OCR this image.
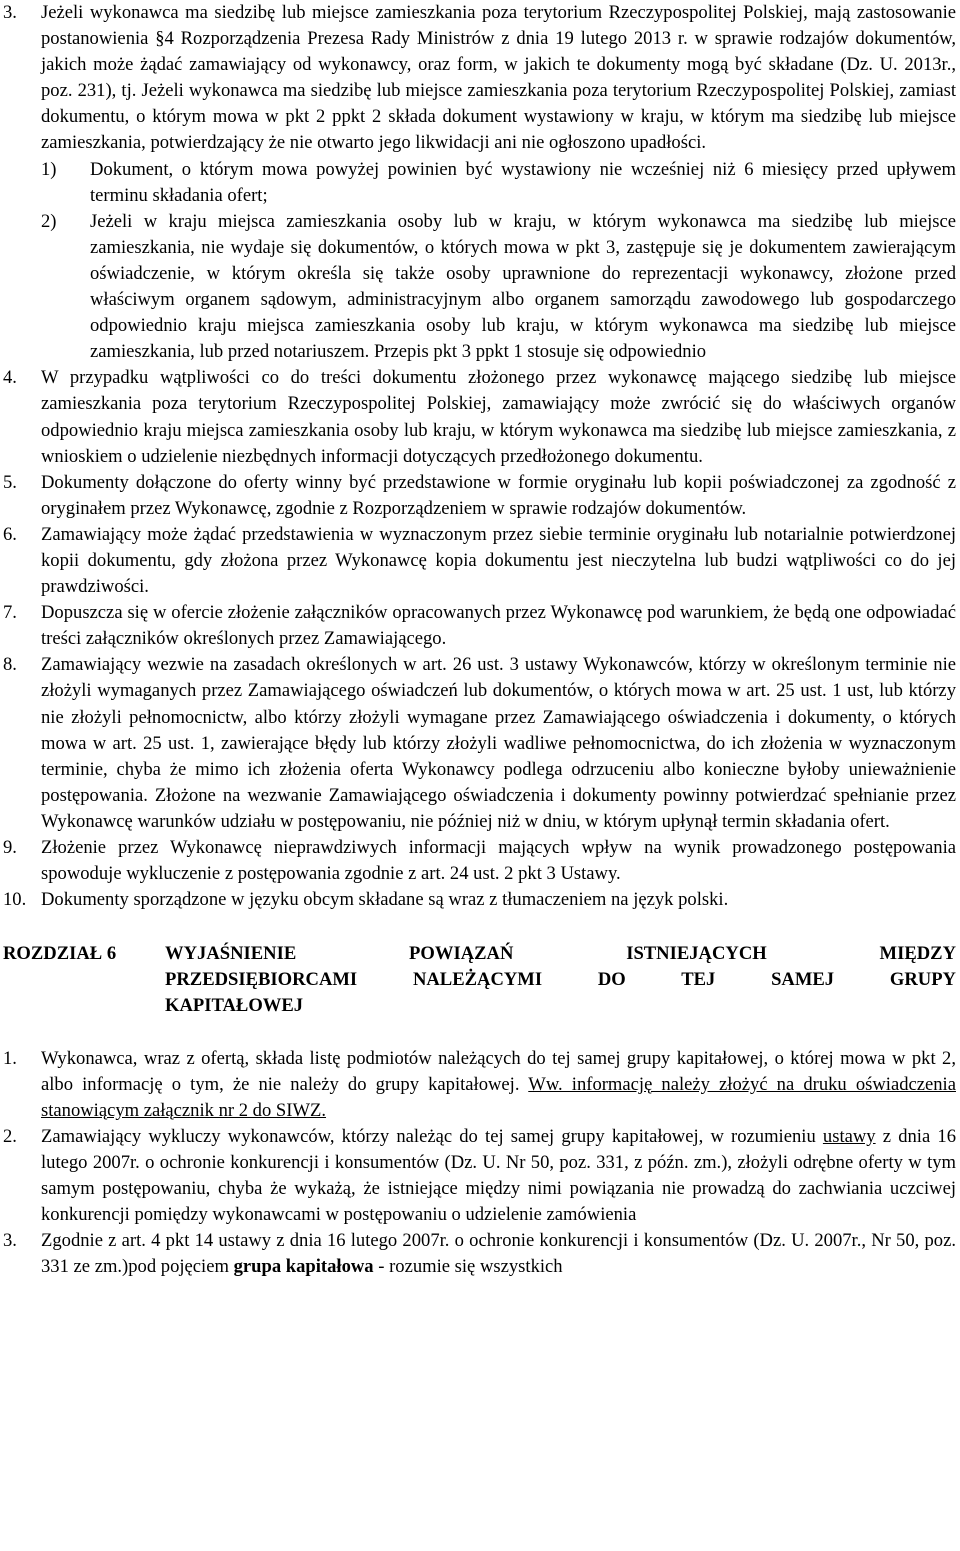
3.	Jeżeli wykonawca ma siedzibę lub miejsce zamieszkania poza terytorium Rzeczypospolitej Polskiej, mają zastosowanie postanowienia §4 Rozporządzenia Prezesa Rady Ministrów z dnia 19 lutego 2013 r. w sprawie rodzajów dokumentów, jakich może żądać zamawiający od wykonawcy, oraz form, w jakich te dokumenty mogą być składane (Dz. U. 2013r., poz. 231), tj. Jeżeli wykonawca ma siedzibę lub miejsce zamieszkania poza terytorium Rzeczypospolitej Polskiej, zamiast dokumentu, o którym mowa w pkt 2 ppkt 2 składa dokument wystawiony w kraju, w którym ma siedzibę lub miejsce zamieszkania, potwierdzający że nie otwarto jego likwidacji ani nie ogłoszono upadłości.
1)	Dokument, o którym mowa powyżej powinien być wystawiony nie wcześniej niż 6 miesięcy przed upływem terminu składania ofert;
2)	Jeżeli w kraju miejsca zamieszkania osoby lub w kraju, w którym wykonawca ma siedzibę lub miejsce zamieszkania, nie wydaje się dokumentów, o których mowa w pkt 3, zastępuje się je dokumentem zawierającym oświadczenie, w którym określa się także osoby uprawnione do reprezentacji wykonawcy, złożone przed właściwym organem sądowym, administracyjnym albo organem samorządu zawodowego lub gospodarczego odpowiednio kraju miejsca zamieszkania osoby lub kraju, w którym wykonawca ma siedzibę lub miejsce zamieszkania, lub przed notariuszem. Przepis pkt 3 ppkt 1 stosuje się odpowiednio
4.	W przypadku wątpliwości co do treści dokumentu złożonego przez wykonawcę mającego siedzibę lub miejsce zamieszkania poza terytorium Rzeczypospolitej Polskiej, zamawiający może zwrócić się do właściwych organów odpowiednio kraju miejsca zamieszkania osoby lub kraju, w którym wykonawca ma siedzibę lub miejsce zamieszkania, z wnioskiem o udzielenie niezbędnych informacji dotyczących przedłożonego dokumentu.
5.	Dokumenty dołączone do oferty winny być przedstawione w formie oryginału lub kopii poświadczonej za zgodność z oryginałem przez Wykonawcę, zgodnie z Rozporządzeniem w sprawie rodzajów dokumentów.
6.	Zamawiający może żądać przedstawienia w wyznaczonym przez siebie terminie oryginału lub notarialnie potwierdzonej kopii dokumentu, gdy złożona przez Wykonawcę kopia dokumentu jest nieczytelna lub budzi wątpliwości co do jej prawdziwości.
7.	Dopuszcza się w ofercie złożenie załączników opracowanych przez Wykonawcę pod warunkiem, że będą one odpowiadać treści załączników określonych przez Zamawiającego.
8.	Zamawiający wezwie na zasadach określonych w art. 26 ust. 3 ustawy Wykonawców, którzy w określonym terminie nie złożyli wymaganych przez Zamawiającego oświadczeń lub dokumentów, o których mowa w art. 25 ust. 1 ust, lub którzy nie złożyli pełnomocnictw, albo którzy złożyli wymagane przez Zamawiającego oświadczenia i dokumenty, o których mowa w art. 25 ust. 1, zawierające błędy lub którzy złożyli wadliwe pełnomocnictwa, do ich złożenia w wyznaczonym terminie, chyba że mimo ich złożenia oferta Wykonawcy podlega odrzuceniu albo konieczne byłoby unieważnienie postępowania. Złożone na wezwanie Zamawiającego oświadczenia i dokumenty powinny potwierdzać spełnianie przez Wykonawcę warunków udziału w postępowaniu, nie później niż w dniu, w którym upłynął termin składania ofert.
9.	Złożenie przez Wykonawcę nieprawdziwych informacji mających wpływ na wynik prowadzonego postępowania spowoduje wykluczenie z postępowania zgodnie z art. 24 ust. 2 pkt 3 Ustawy.
10. Dokumenty sporządzone w języku obcym składane są wraz z tłumaczeniem na język polski.
ROZDZIAŁ 6	WYJAŚNIENIE POWIĄZAŃ ISTNIEJĄCYCH MIĘDZY
PRZEDSIĘBIORCAMI NALEŻĄCYMI DO TEJ SAMEJ GRUPY
KAPITAŁOWEJ
1.	Wykonawca, wraz z ofertą, składa listę podmiotów należących do tej samej grupy kapitałowej, o której mowa w pkt 2, albo informację o tym, że nie należy do grupy kapitałowej. Ww. informację należy złożyć na druku oświadczenia stanowiącym załącznik nr 2 do SIWZ.
2.	Zamawiający wykluczy wykonawców, którzy należąc do tej samej grupy kapitałowej, w rozumieniu ustawy z dnia 16 lutego 2007r. o ochronie konkurencji i konsumentów (Dz. U. Nr 50, poz. 331, z późn. zm.), złożyli odrębne oferty w tym samym postępowaniu, chyba że wykażą, że istniejące między nimi powiązania nie prowadzą do zachwiania uczciwej konkurencji pomiędzy wykonawcami w postępowaniu o udzielenie zamówienia
3.	Zgodnie z art. 4 pkt 14 ustawy z dnia 16 lutego 2007r. o ochronie konkurencji i konsumentów (Dz. U. 2007r., Nr 50, poz. 331 ze zm.)pod pojęciem grupa kapitałowa - rozumie się wszystkich
